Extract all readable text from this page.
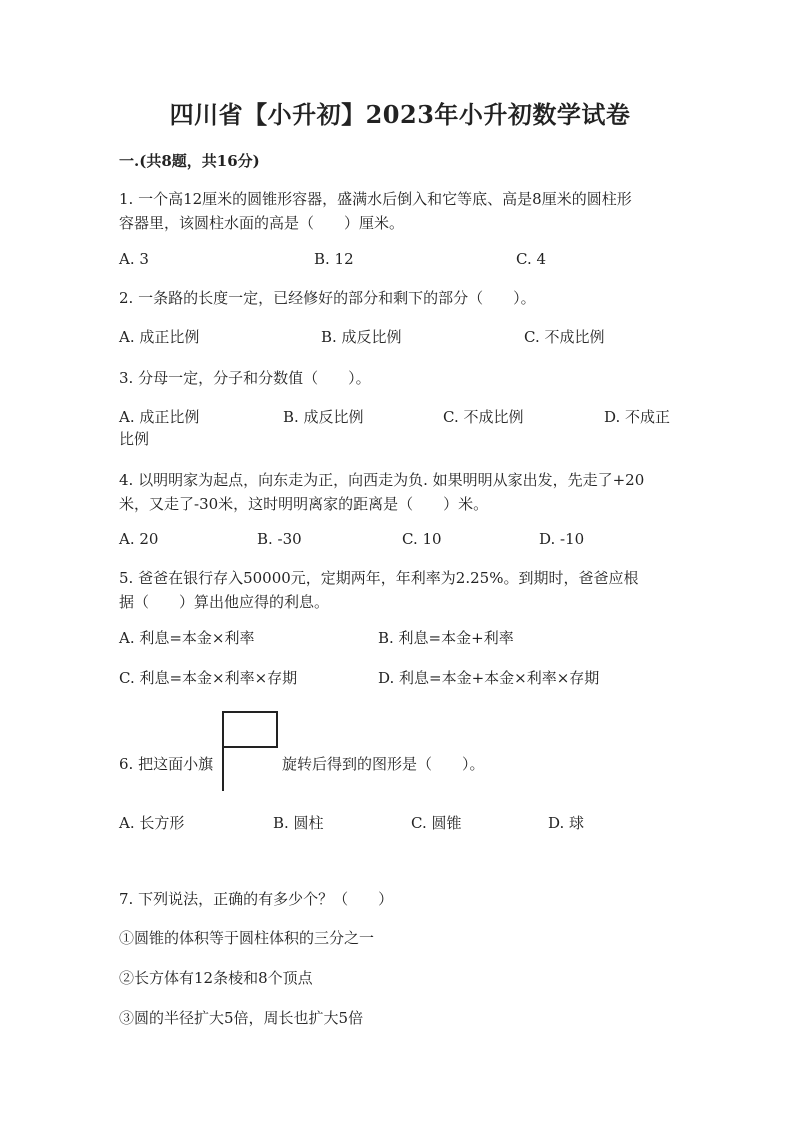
四川省【小升初】2023年小升初数学试卷
一.(共8题，共16分)
1. 一个高12厘米的圆锥形容器，盛满水后倒入和它等底、高是8厘米的圆柱形
容器里，该圆柱水面的高是（　　）厘米。
A. 3	B. 12	C. 4
2. 一条路的长度一定，已经修好的部分和剩下的部分（　　）。
A. 成正比例	B. 成反比例	C. 不成比例
3. 分母一定，分子和分数值（　　）。
A. 成正比例	B. 成反比例	C. 不成比例	D. 不成正
比例
4. 以明明家为起点，向东走为正，向西走为负. 如果明明从家出发，先走了+20
米，又走了-30米，这时明明离家的距离是（　　）米。
A. 20	B. -30	C. 10	D. -10
5. 爸爸在银行存入50000元，定期两年，年利率为2.25%。到期时，爸爸应根
据（　　）算出他应得的利息。
A. 利息=本金×利率	B. 利息=本金+利率
C. 利息=本金×利率×存期	D. 利息=本金+本金×利率×存期
6. 把这面小旗	旋转后得到的图形是（　　）。
A. 长方形	B. 圆柱	C. 圆锥	D. 球
7. 下列说法，正确的有多少个？（　　）
①圆锥的体积等于圆柱体积的三分之一
②长方体有12条棱和8个顶点
③圆的半径扩大5倍，周长也扩大5倍
